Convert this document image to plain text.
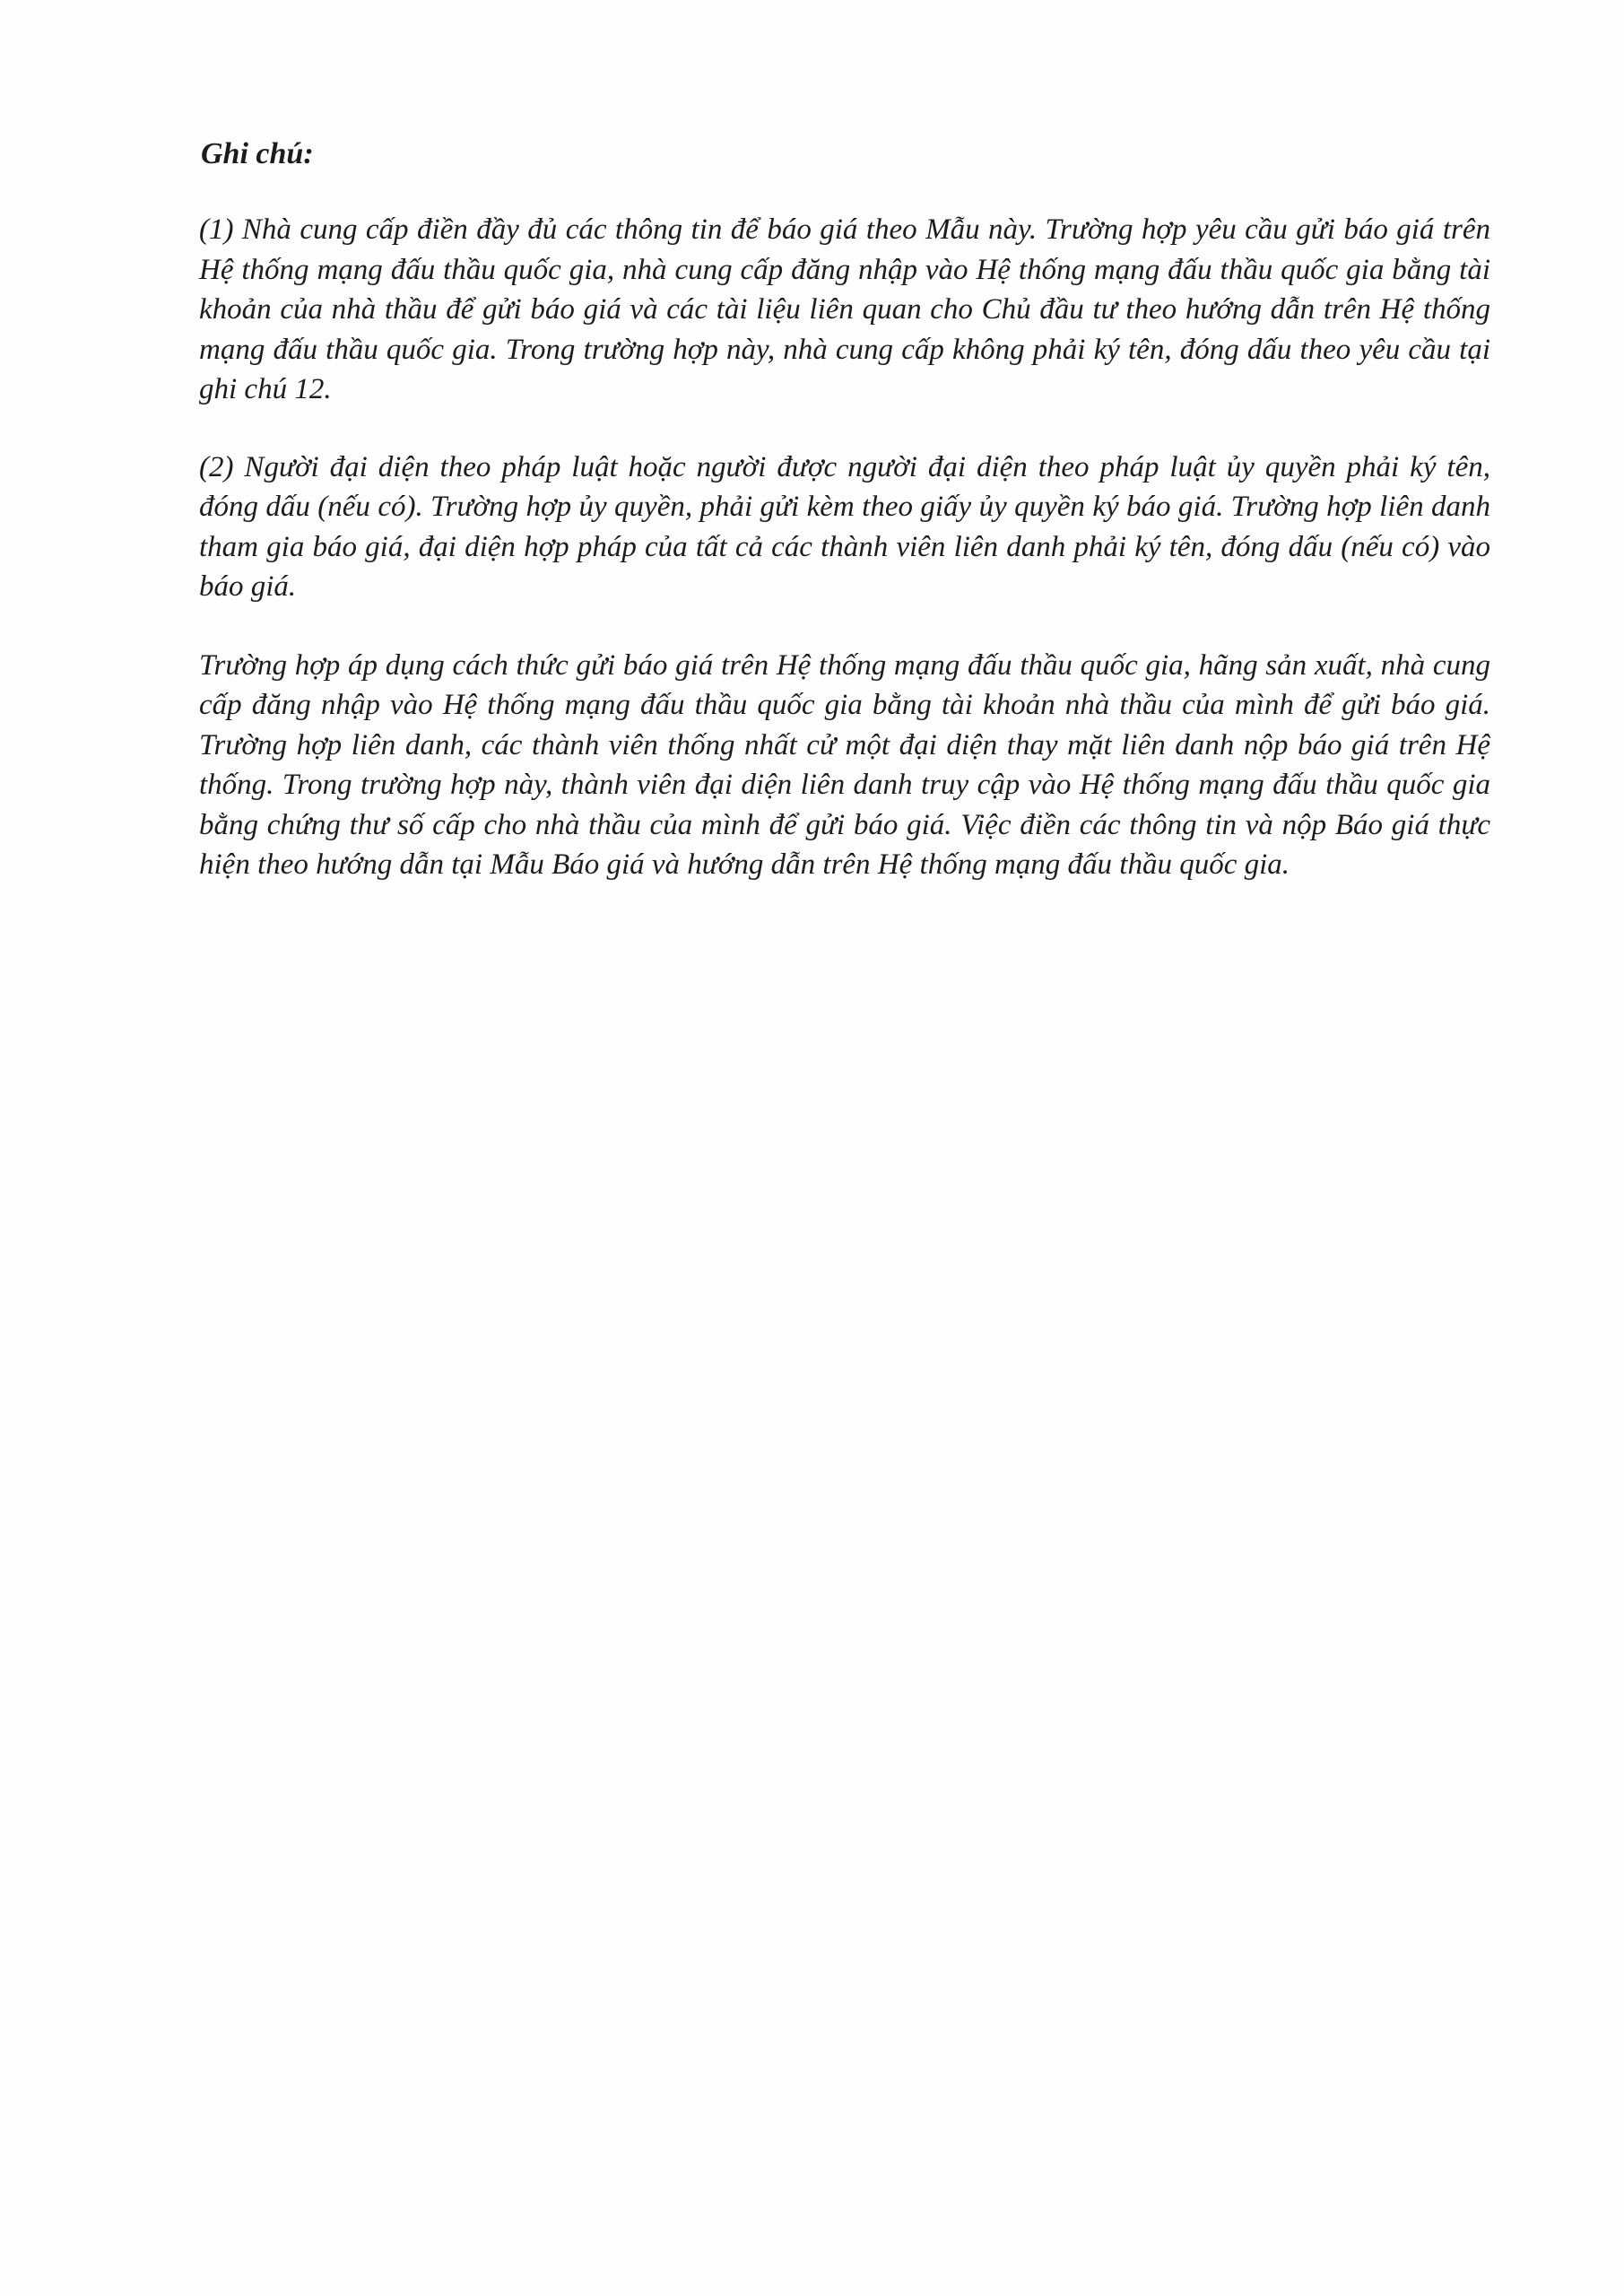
Ghi chú:

(1) Nhà cung cấp điền đầy đủ các thông tin để báo giá theo Mẫu này. Trường hợp yêu cầu gửi báo giá trên Hệ thống mạng đấu thầu quốc gia, nhà cung cấp đăng nhập vào Hệ thống mạng đấu thầu quốc gia bằng tài khoản của nhà thầu để gửi báo giá và các tài liệu liên quan cho Chủ đầu tư theo hướng dẫn trên Hệ thống mạng đấu thầu quốc gia. Trong trường hợp này, nhà cung cấp không phải ký tên, đóng dấu theo yêu cầu tại ghi chú 12.

(2) Người đại diện theo pháp luật hoặc người được người đại diện theo pháp luật ủy quyền phải ký tên, đóng dấu (nếu có). Trường hợp ủy quyền, phải gửi kèm theo giấy ủy quyền ký báo giá. Trường hợp liên danh tham gia báo giá, đại diện hợp pháp của tất cả các thành viên liên danh phải ký tên, đóng dấu (nếu có) vào báo giá.

Trường hợp áp dụng cách thức gửi báo giá trên Hệ thống mạng đấu thầu quốc gia, hãng sản xuất, nhà cung cấp đăng nhập vào Hệ thống mạng đấu thầu quốc gia bằng tài khoản nhà thầu của mình để gửi báo giá. Trường hợp liên danh, các thành viên thống nhất cử một đại diện thay mặt liên danh nộp báo giá trên Hệ thống. Trong trường hợp này, thành viên đại diện liên danh truy cập vào Hệ thống mạng đấu thầu quốc gia bằng chứng thư số cấp cho nhà thầu của mình để gửi báo giá. Việc điền các thông tin và nộp Báo giá thực hiện theo hướng dẫn tại Mẫu Báo giá và hướng dẫn trên Hệ thống mạng đấu thầu quốc gia.
